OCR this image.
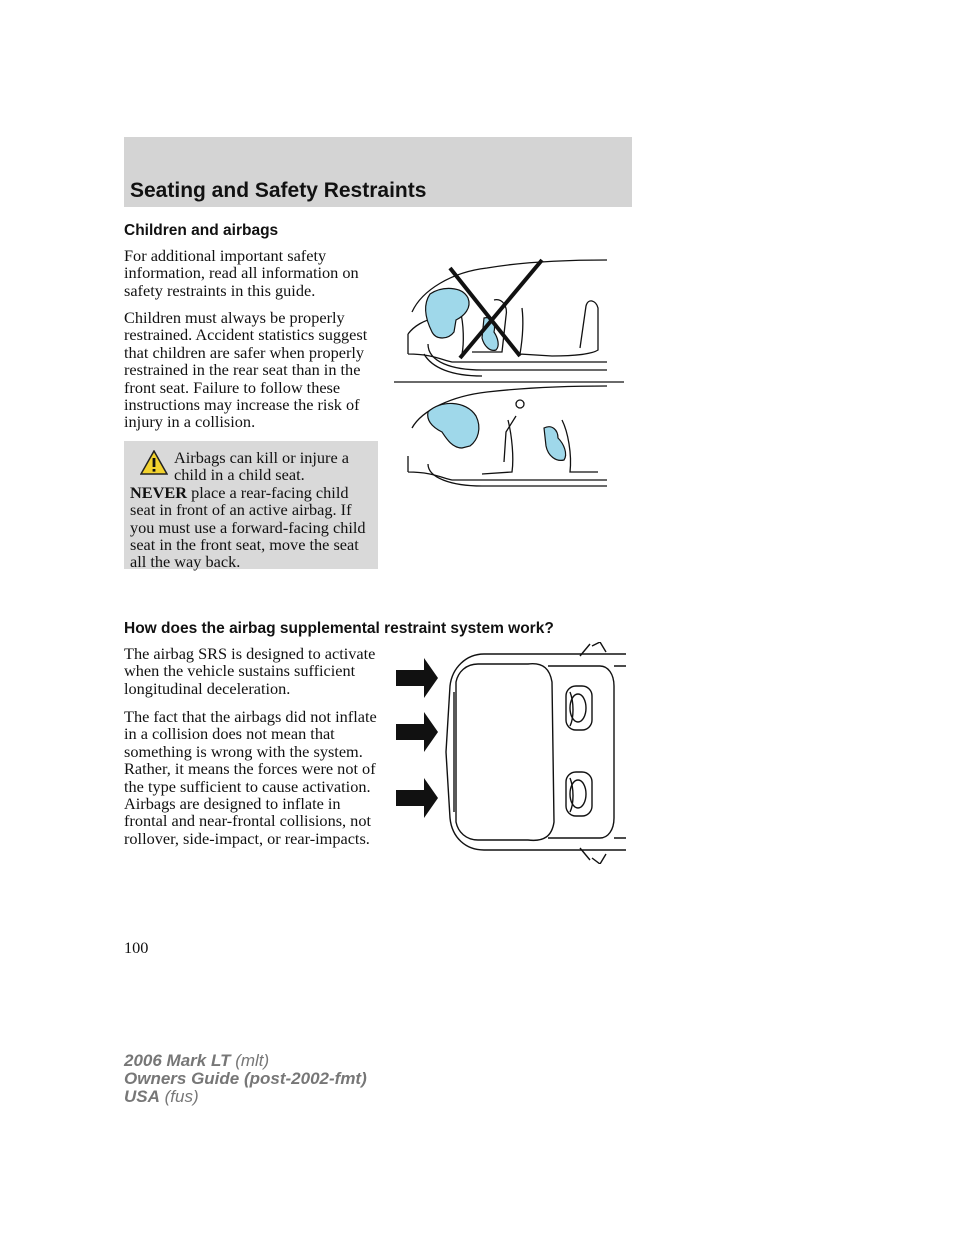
Seating and Safety Restraints
Children and airbags

For additional important safety information, read all information on safety restraints in this guide.

Children must always be properly restrained. Accident statistics suggest that children are safer when properly restrained in the rear seat than in the front seat. Failure to follow these instructions may increase the risk of injury in a collision.

Airbags can kill or injure a child in a child seat.
NEVER place a rear-facing child seat in front of an active airbag. If you must use a forward-facing child seat in the front seat, move the seat all the way back.

How does the airbag supplemental restraint system work?

The airbag SRS is designed to activate when the vehicle sustains sufficient longitudinal deceleration.

The fact that the airbags did not inflate in a collision does not mean that something is wrong with the system. Rather, it means the forces were not of the type sufficient to cause activation. Airbags are designed to inflate in frontal and near-frontal collisions, not rollover, side-impact, or rear-impacts.

100
2006 Mark LT (mlt)
Owners Guide (post-2002-fmt)
USA (fus)
